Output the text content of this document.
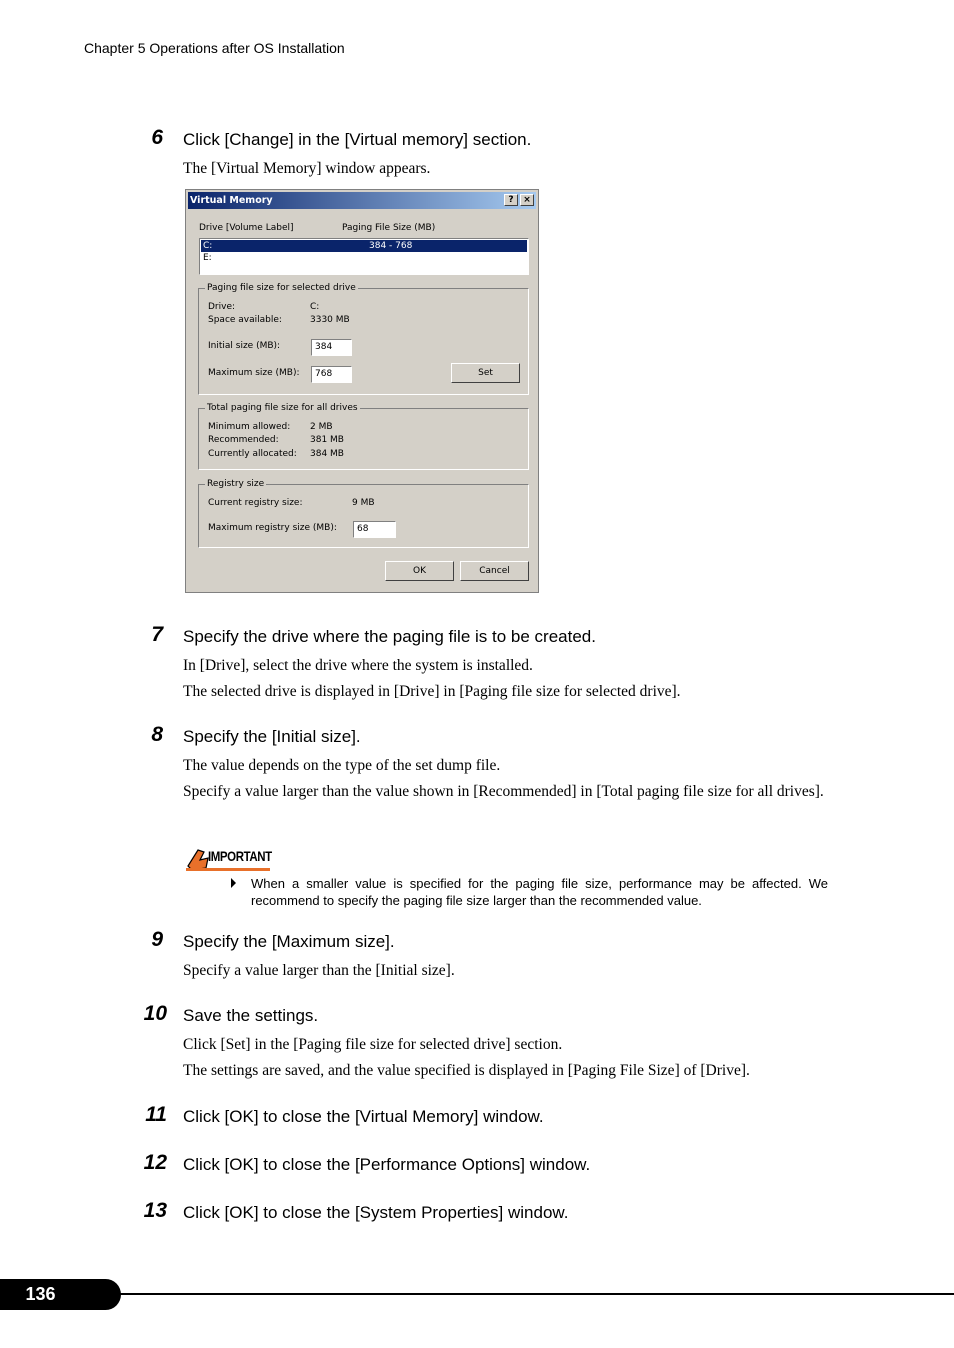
Chapter 5 Operations after OS Installation
6 Click [Change] in the [Virtual memory] section.
The [Virtual Memory] window appears.
Virtual Memory	?	×
Drive [Volume Label]	Paging File Size (MB)
C:	384 - 768
E:
Paging file size for selected drive
Drive:	C:
Space available:	3330 MB
Initial size (MB):	384
Maximum size (MB):	768	Set
Total paging file size for all drives
Minimum allowed: 2 MB
Recommended:	381 MB
Currently allocated: 384 MB
Registry size
Current registry size:	9 MB
Maximum registry size (MB):	68
OK	Cancel
7 Specify the drive where the paging file is to be created.
In [Drive], select the drive where the system is installed.
The selected drive is displayed in [Drive] in [Paging file size for selected drive].
8 Specify the [Initial size].
The value depends on the type of the set dump file.
Specify a value larger than the value shown in [Recommended] in [Total paging file size for all drives].
IMPORTANT
When a smaller value is specified for the paging file size, performance may be affected. We recommend to specify the paging file size larger than the recommended value.
9 Specify the [Maximum size].
Specify a value larger than the [Initial size].
10 Save the settings.
Click [Set] in the [Paging file size for selected drive] section.
The settings are saved, and the value specified is displayed in [Paging File Size] of [Drive].
11 Click [OK] to close the [Virtual Memory] window.
12 Click [OK] to close the [Performance Options] window.
13 Click [OK] to close the [System Properties] window.
136
